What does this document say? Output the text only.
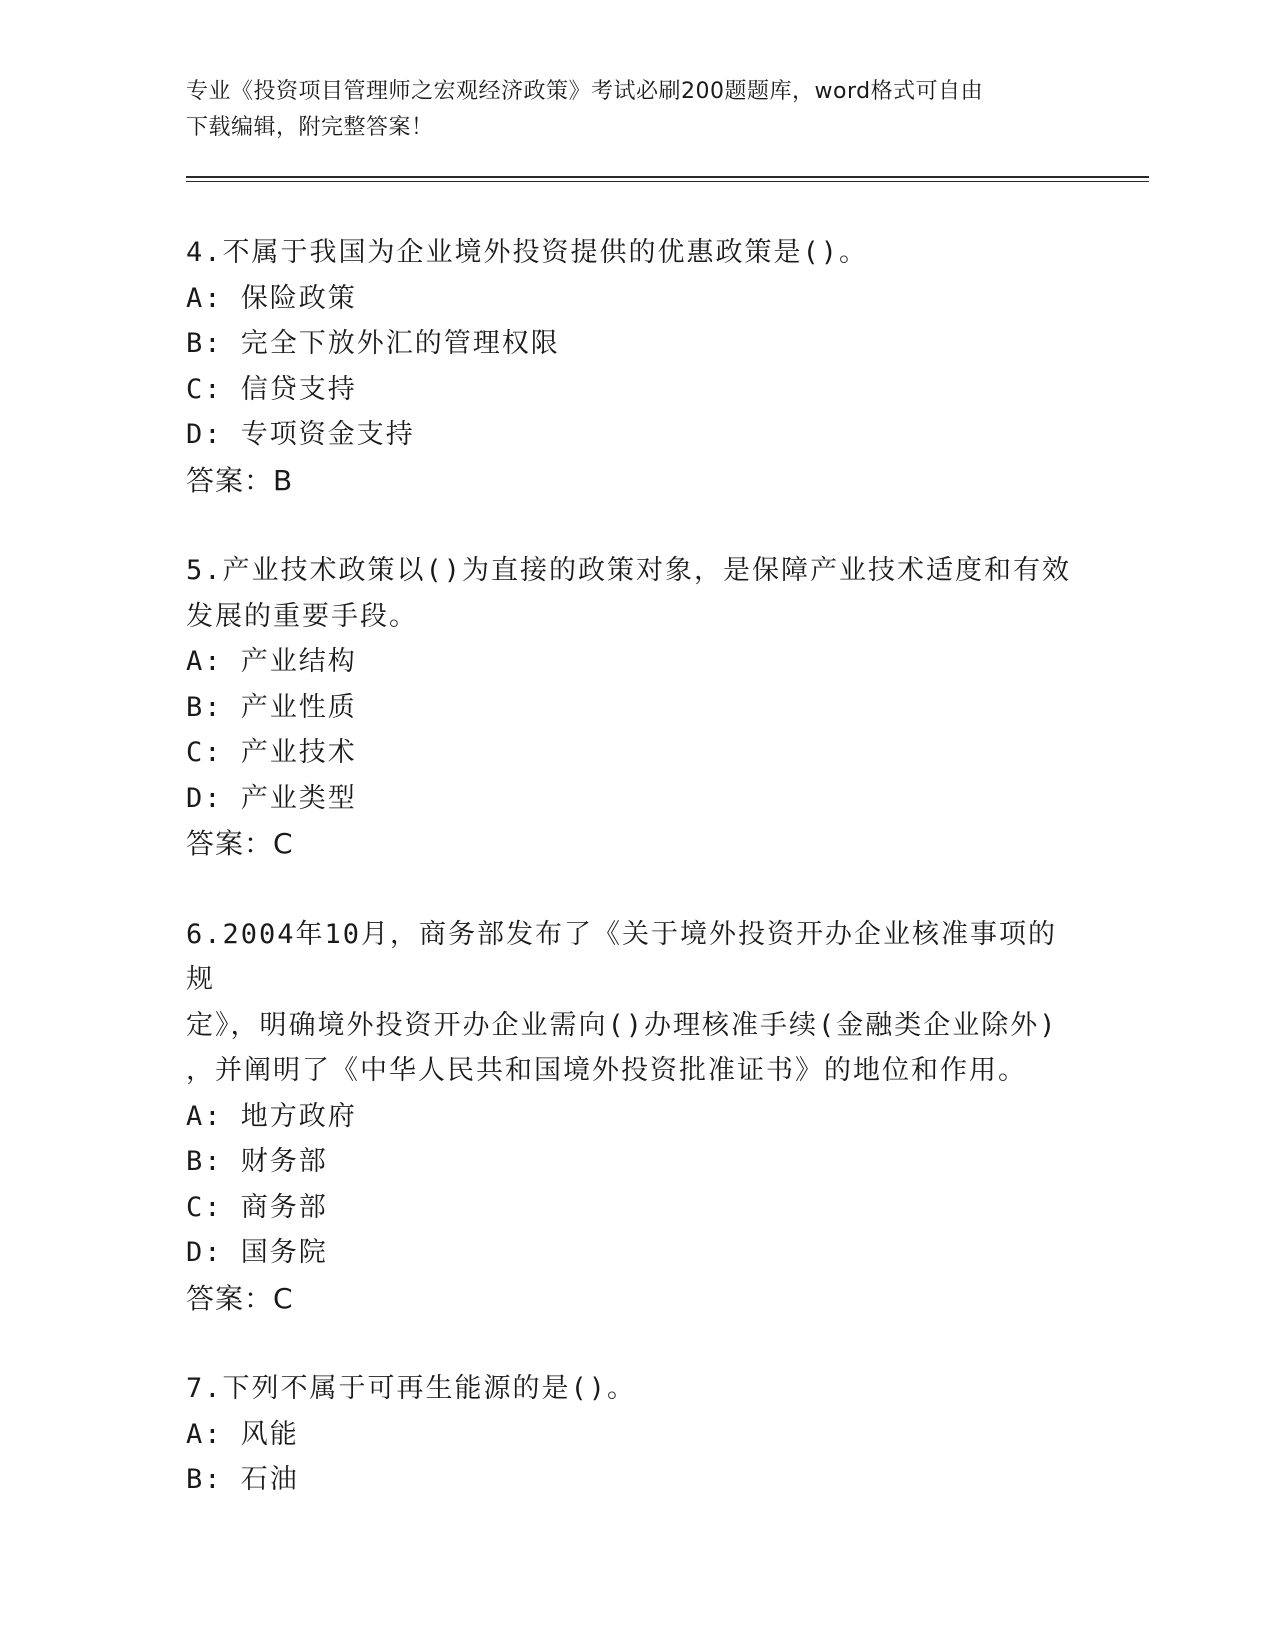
专业《投资项目管理师之宏观经济政策》考试必刷200题题库，word格式可自由
下载编辑，附完整答案！
4.不属于我国为企业境外投资提供的优惠政策是()。
A: 保险政策
B: 完全下放外汇的管理权限
C: 信贷支持
D: 专项资金支持
答案：B
5.产业技术政策以()为直接的政策对象，是保障产业技术适度和有效
发展的重要手段。
A: 产业结构
B: 产业性质
C: 产业技术
D: 产业类型
答案：C
6.2004年10月，商务部发布了《关于境外投资开办企业核准事项的规
定》，明确境外投资开办企业需向()办理核准手续(金融类企业除外)
，并阐明了《中华人民共和国境外投资批准证书》的地位和作用。
A: 地方政府
B: 财务部
C: 商务部
D: 国务院
答案：C
7.下列不属于可再生能源的是()。
A: 风能
B: 石油
